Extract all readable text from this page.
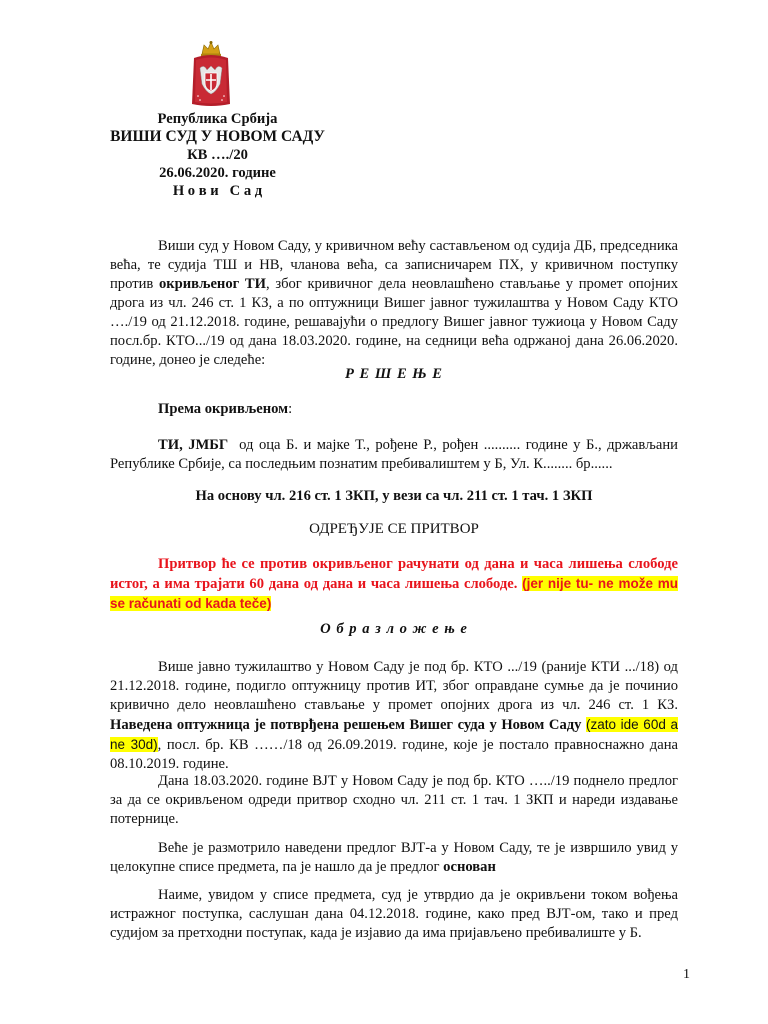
Република Србија
ВИШИ СУД У НОВОМ САДУ
КВ …./20
26.06.2020. године
Н о в и   С а д
Виши суд у Новом Саду, у кривичном већу састављеном од судија ДБ, председника већа, те судија ТШ и НВ, чланова већа, са записничарем ПХ, у кривичном поступку против окривљеног ТИ, због кривичног дела неовлашћено стављање у промет опојних дрога из чл. 246 ст. 1 КЗ, а по оптужници Вишег јавног тужилаштва у Новом Саду КТО …./19 од 21.12.2018. године, решавајући о предлогу Вишег јавног тужиоца у Новом Саду посл.бр. КТО.../19 од дана 18.03.2020. године, на седници већа одржаној дана 26.06.2020. године, донео је следеће:
Р Е Ш Е Њ Е
Према окривљеном:
ТИ, ЈМБГ  од оца Б. и мајке Т., рођене Р., рођен .......... године у Б., држављани Републике Србије, са последњим познатим пребивалиштем у Б, Ул. К........ бр......
На основу чл. 216 ст. 1 ЗКП, у вези са чл. 211 ст. 1 тач. 1 ЗКП
ОДРЕЂУЈЕ СЕ ПРИТВОР
Притвор ће се против окривљеног рачунати од дана и часа лишења слободе истог, а има трајати 60 дана од дана и часа лишења слободе. (jer nije tu- ne može mu se računati od kada teče)
О б р а з л о ж е њ е
Више јавно тужилаштво у Новом Саду је под бр. КТО .../19 (раније КТИ .../18) од 21.12.2018. године, подигло оптужницу против ИТ, због оправдане сумње да је починио кривично дело неовлашћено стављање у промет опојних дрога из чл. 246 ст. 1 КЗ. Наведена оптужница је потврђена решењем Вишег суда у Новом Саду (zato ide 60d a ne 30d), посл. бр. КВ ……/18 од 26.09.2019. године, које је постало правноснажно дана 08.10.2019. године.
Дана 18.03.2020. године ВЈТ у Новом Саду је под бр. КТО …../19 поднело предлог за да се окривљеном одреди притвор сходно чл. 211 ст. 1 тач. 1 ЗКП и нареди издавање потернице.
Веће је размотрило наведени предлог ВЈТ-а у Новом Саду, те је извршило увид у целокупне списе предмета, па је нашло да је предлог основан
Наиме, увидом у списе предмета, суд је утврдио да је окривљени током вођења истражног поступка, саслушан дана 04.12.2018. године, како пред ВЈТ-ом, тако и пред судијом за претходни поступак, када је изјавио да има пријављено пребивалиште у Б.
1
